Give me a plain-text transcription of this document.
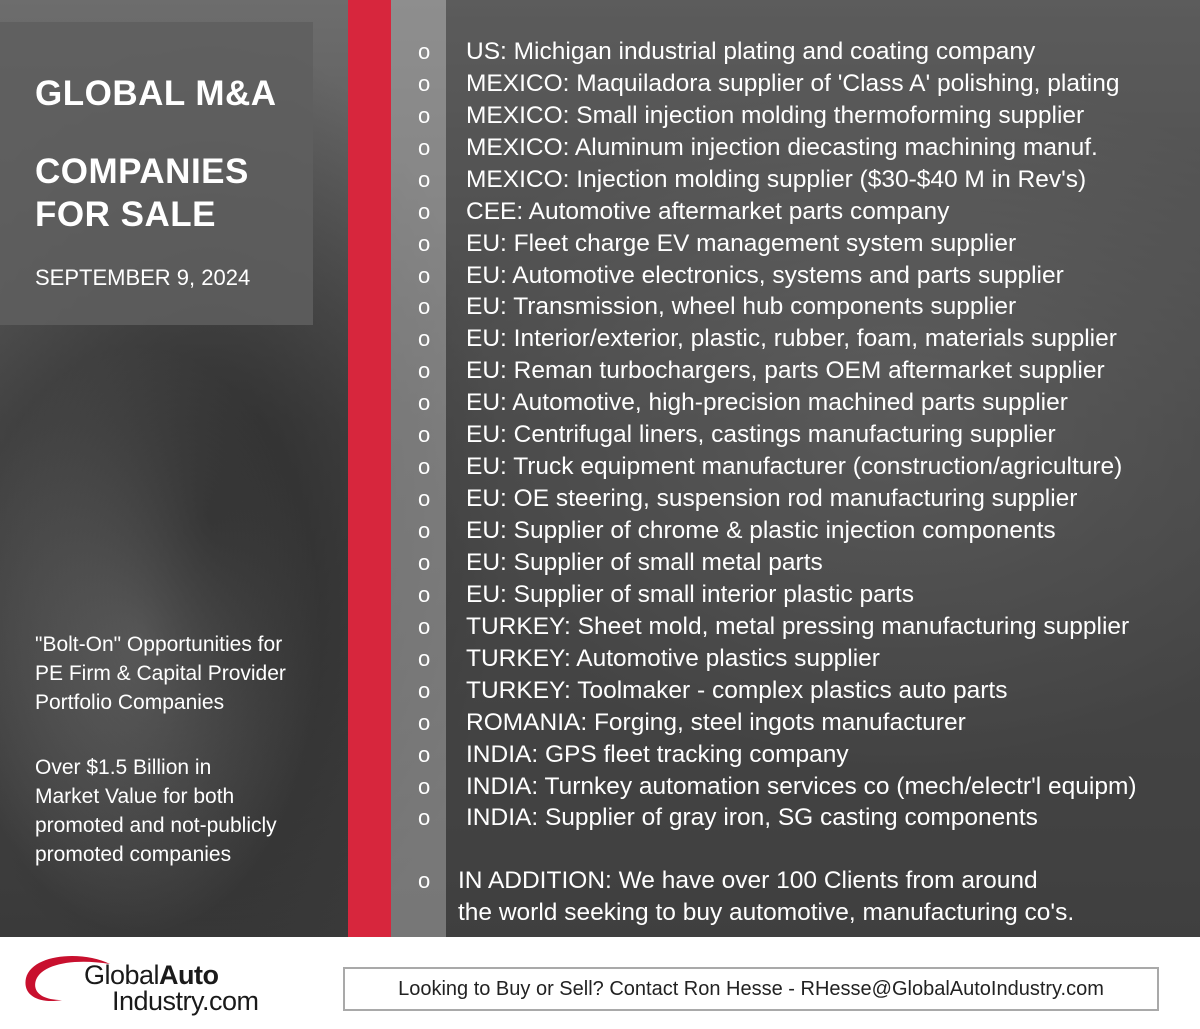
GLOBAL M&A
COMPANIES
FOR SALE
SEPTEMBER 9, 2024
"Bolt-On" Opportunities for
PE Firm & Capital Provider
Portfolio Companies
Over $1.5 Billion in
Market Value for both
promoted and not-publicly
promoted companies
o	US: Michigan industrial plating and coating company
o	MEXICO: Maquiladora supplier of 'Class A' polishing, plating
o	MEXICO: Small injection molding thermoforming supplier
o	MEXICO: Aluminum injection diecasting machining manuf.
o	MEXICO: Injection molding supplier ($30-$40 M in Rev's)
o	CEE: Automotive aftermarket parts company
o	EU: Fleet charge EV management system supplier
o	EU: Automotive electronics, systems and parts supplier
o	EU: Transmission, wheel hub components supplier
o	EU: Interior/exterior, plastic, rubber, foam, materials supplier
o	EU: Reman turbochargers, parts OEM aftermarket supplier
o	EU: Automotive, high-precision machined parts supplier
o	EU: Centrifugal liners, castings manufacturing supplier
o	EU: Truck equipment manufacturer (construction/agriculture)
o	EU: OE steering, suspension rod manufacturing supplier
o	EU: Supplier of chrome & plastic injection components
o	EU: Supplier of small metal parts
o	EU: Supplier of small interior plastic parts
o	TURKEY: Sheet mold, metal pressing manufacturing supplier
o	TURKEY: Automotive plastics supplier
o	TURKEY: Toolmaker - complex plastics auto parts
o	ROMANIA: Forging, steel ingots manufacturer
o	INDIA: GPS fleet tracking company
o	INDIA: Turnkey automation services co (mech/electr'l equipm)
o	INDIA: Supplier of gray iron, SG casting components
o	IN ADDITION: We have over 100 Clients from around
the world seeking to buy automotive, manufacturing co's.
GlobalAuto
Industry.com	Looking to Buy or Sell? Contact Ron Hesse - RHesse@GlobalAutoIndustry.com
